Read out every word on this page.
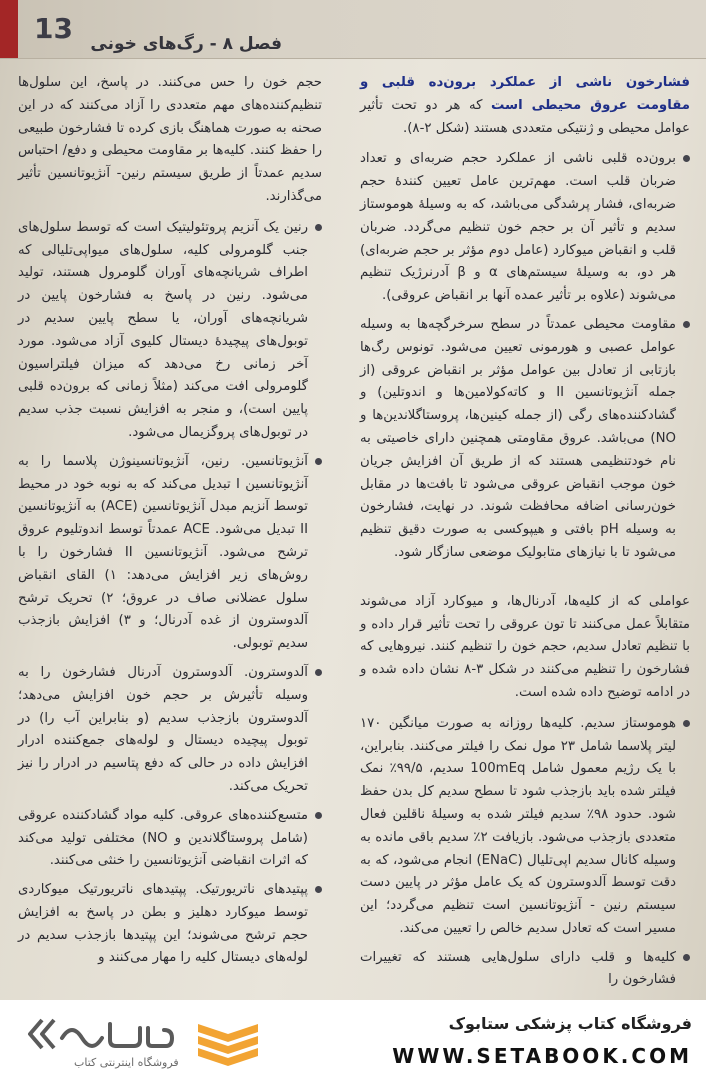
13 فصل ۸ - رگ‌های خونی

فشارخون ناشی از عملکرد برون‌ده قلبی و مقاومت عروق محیطی است که هر دو تحت تأثیر عوامل محیطی و ژنتیکی متعددی هستند (شکل ۲-۸).

برون‌ده قلبی ناشی از عملکرد حجم ضربه‌ای و تعداد ضربان قلب است. مهم‌ترین عامل تعیین کنندهٔ حجم ضربه‌ای، فشار پرشدگی می‌باشد، که به وسیلهٔ هوموستاز سدیم و تأثیر آن بر حجم خون تنظیم می‌گردد. ضربان قلب و انقباض میوکارد (عامل دوم مؤثر بر حجم ضربه‌ای) هر دو، به وسیلهٔ سیستم‌های α و β آدرنرژیک تنظیم می‌شوند (علاوه بر تأثیر عمده آنها بر انقباض عروقی).
مقاومت محیطی عمدتاً در سطح سرخرگچه‌ها به وسیله عوامل عصبی و هورمونی تعیین می‌شود. تونوس رگ‌ها بازتابی از تعادل بین عوامل مؤثر بر انقباض عروقی (از جمله آنژیوتانسین II و کاته‌کولامین‌ها و اندوتلین) و گشادکننده‌های رگی (از جمله کینین‌ها، پروستاگلاندین‌ها و NO) می‌باشد. عروق مقاومتی همچنین دارای خاصیتی به نام خودتنظیمی هستند که از طریق آن افزایش جریان خون موجب انقباض عروقی می‌شود تا بافت‌ها در مقابل خون‌رسانی اضافه محافظت شوند. در نهایت، فشارخون به وسیله pH بافتی و هیپوکسی به صورت دقیق تنظیم می‌شود تا با نیازهای متابولیک موضعی سازگار شود.

عواملی که از کلیه‌ها، آدرنال‌ها، و میوکارد آزاد می‌شوند متقابلاً عمل می‌کنند تا تون عروقی را تحت تأثیر قرار داده و با تنظیم تعادل سدیم، حجم خون را تنظیم کنند. نیروهایی که فشارخون را تنظیم می‌کنند در شکل ۳-۸ نشان داده شده و در ادامه توضیح داده شده است.

هوموستاز سدیم. کلیه‌ها روزانه به صورت میانگین ۱۷۰ لیتر پلاسما شامل ۲۳ مول نمک را فیلتر می‌کنند. بنابراین، با یک رژیم معمول شامل 100mEq سدیم، ۹۹/۵٪ نمک فیلتر شده باید بازجذب شود تا سطح سدیم کل بدن حفظ شود. حدود ۹۸٪ سدیم فیلتر شده به وسیلهٔ ناقلین فعال متعددی بازجذب می‌شود. بازیافت ۲٪ سدیم باقی مانده به وسیله کانال سدیم اپی‌تلیال (ENaC) انجام می‌شود، که به دقت توسط آلدوسترون که یک عامل مؤثر در پایین دست سیستم رنین - آنژیوتانسین است تنظیم می‌گردد؛ این مسیر است که تعادل سدیم خالص را تعیین می‌کند.
کلیه‌ها و قلب دارای سلول‌هایی هستند که تغییرات فشارخون را

حجم خون را حس می‌کنند. در پاسخ، این سلول‌ها تنظیم‌کننده‌های مهم متعددی را آزاد می‌کنند که در این صحنه به صورت هماهنگ بازی کرده تا فشارخون طبیعی را حفظ کنند. کلیه‌ها بر مقاومت محیطی و دفع/ احتباس سدیم عمدتاً از طریق سیستم رنین- آنژیوتانسین تأثیر می‌گذارند.

رنین یک آنزیم پروتئولیتیک است که توسط سلول‌های جنب گلومرولی کلیه، سلول‌های میواپی‌تلیالی که اطراف شریانچه‌های آوران گلومرول هستند، تولید می‌شود. رنین در پاسخ به فشارخون پایین در شریانچه‌های آوران، یا سطح پایین سدیم در توبول‌های پیچیدهٔ دیستال کلیوی آزاد می‌شود. مورد آخر زمانی رخ می‌دهد که میزان فیلتراسیون گلومرولی افت می‌کند (مثلاً زمانی که برون‌ده قلبی پایین است)، و منجر به افزایش نسبت جذب سدیم در توبول‌های پروگزیمال می‌شود.
آنژیوتانسین. رنین، آنژیوتانسینوژن پلاسما را به آنژیوتانسین I تبدیل می‌کند که به نوبه خود در محیط توسط آنزیم مبدل آنژیوتانسین (ACE) به آنژیوتانسین II تبدیل می‌شود. ACE عمدتاً توسط اندوتلیوم عروق ترشح می‌شود. آنژیوتانسین II فشارخون را با روش‌های زیر افزایش می‌دهد: ۱) القای انقباض سلول عضلانی صاف در عروق؛ ۲) تحریک ترشح آلدوسترون از غده آدرنال؛ و ۳) افزایش بازجذب سدیم توبولی.
آلدوسترون. آلدوسترون آدرنال فشارخون را به وسیله تأثیرش بر حجم خون افزایش می‌دهد؛ آلدوسترون بازجذب سدیم (و بنابراین آب را) در توبول پیچیده دیستال و لوله‌های جمع‌کننده ادرار افزایش داده در حالی که دفع پتاسیم در ادرار را نیز تحریک می‌کند.
متسع‌کننده‌های عروقی. کلیه مواد گشادکننده عروقی (شامل پروستاگلاندین و NO) مختلفی تولید می‌کند که اثرات انقباضی آنژیوتانسین را خنثی می‌کنند.
پپتیدهای ناتریورتیک. پپتیدهای ناتریورتیک میوکاردی توسط میوکارد دهلیز و بطن در پاسخ به افزایش حجم ترشح می‌شوند؛ این پپتیدها بازجذب سدیم در لوله‌های دیستال کلیه را مهار می‌کنند و
فروشگاه اینترنتی کتاب
فروشگاه کتاب پزشکی ستابوک
WWW.SETABOOK.COM
